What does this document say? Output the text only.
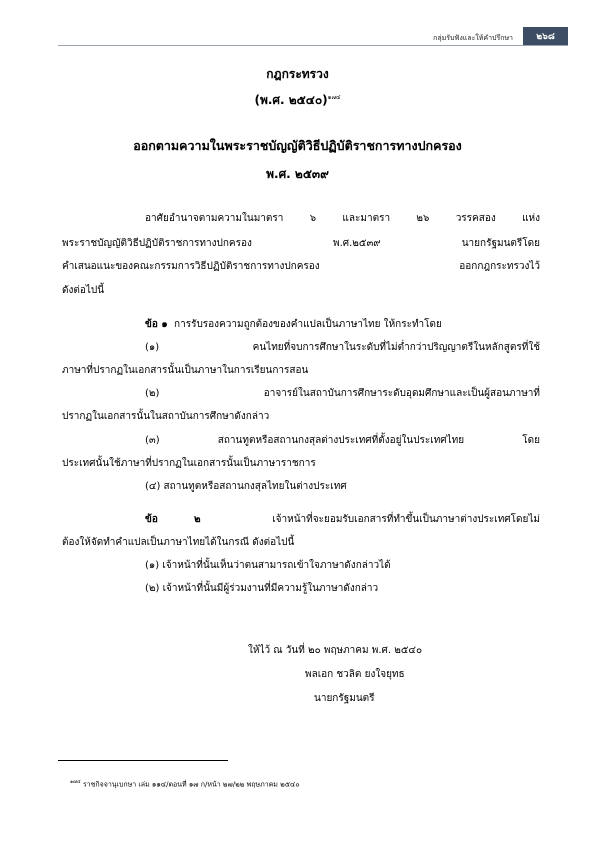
กลุ่มรับฟังและให้คำปรึกษา	๒๖๘
กฎกระทรวง
(พ.ศ. ๒๕๔๐)$^{๑๗๔}$
ออกตามความในพระราชบัญญัติวิธีปฏิบัติราชการทางปกครอง
พ.ศ. ๒๕๓๙
อาศัยอำนาจตามความในมาตรา ๖ และมาตรา ๒๖ วรรคสอง แห่ง
พระราชบัญญัติวิธีปฏิบัติราชการทางปกครอง พ.ศ.๒๕๓๙ นายกรัฐมนตรีโดย
คำเสนอแนะของคณะกรรมการวิธีปฏิบัติราชการทางปกครอง ออกกฎกระทรวงไว้
ดังต่อไปนี้
ข้อ ๑ การรับรองความถูกต้องของคำแปลเป็นภาษาไทย ให้กระทำโดย
(๑) คนไทยที่จบการศึกษาในระดับที่ไม่ต่ำกว่าปริญญาตรีในหลักสูตรที่ใช้
ภาษาที่ปรากฏในเอกสารนั้นเป็นภาษาในการเรียนการสอน
(๒) อาจารย์ในสถาบันการศึกษาระดับอุดมศึกษาและเป็นผู้สอนภาษาที่
ปรากฏในเอกสารนั้นในสถาบันการศึกษาดังกล่าว
(๓) สถานทูตหรือสถานกงสุลต่างประเทศที่ตั้งอยู่ในประเทศไทย โดย
ประเทศนั้นใช้ภาษาที่ปรากฏในเอกสารนั้นเป็นภาษาราชการ
(๔) สถานทูตหรือสถานกงสุลไทยในต่างประเทศ
ข้อ ๒	เจ้าหน้าที่จะยอมรับเอกสารที่ทำขึ้นเป็นภาษาต่างประเทศโดยไม่
ต้องให้จัดทำคำแปลเป็นภาษาไทยได้ในกรณี ดังต่อไปนี้
(๑) เจ้าหน้าที่นั้นเห็นว่าตนสามารถเข้าใจภาษาดังกล่าวได้
(๒) เจ้าหน้าที่นั้นมีผู้ร่วมงานที่มีความรู้ในภาษาดังกล่าว
ให้ไว้ ณ วันที่ ๒๐ พฤษภาคม พ.ศ. ๒๕๔๐
พลเอก ชวลิต ยงใจยุทธ
นายกรัฐมนตรี
$^{๑๗๔}$ ราชกิจจานุเบกษา เล่ม ๑๑๔/ตอนที่ ๑๗ ก/หน้า ๒๗/๒๒ พฤษภาคม ๒๕๔๐
